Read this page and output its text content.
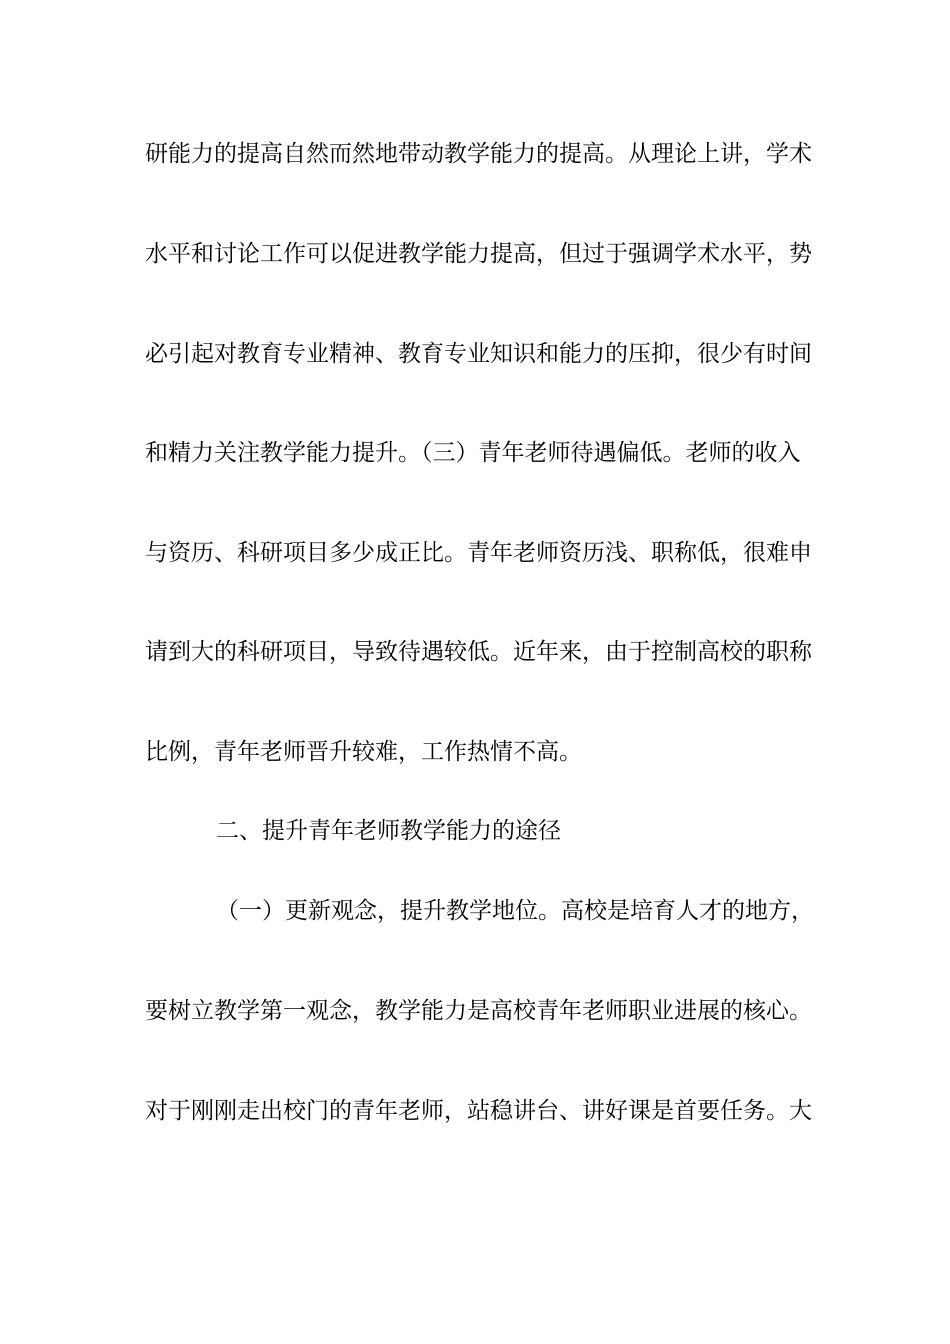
研能力的提高自然而然地带动教学能力的提高。从理论上讲，学术
水平和讨论工作可以促进教学能力提高，但过于强调学术水平，势
必引起对教育专业精神、教育专业知识和能力的压抑，很少有时间
和精力关注教学能力提升。（三）青年老师待遇偏低。老师的收入
与资历、科研项目多少成正比。青年老师资历浅、职称低，很难申
请到大的科研项目，导致待遇较低。近年来，由于控制高校的职称
比例，青年老师晋升较难，工作热情不高。
二、提升青年老师教学能力的途径
（一）更新观念，提升教学地位。高校是培育人才的地方，
要树立教学第一观念，教学能力是高校青年老师职业进展的核心。
对于刚刚走出校门的青年老师，站稳讲台、讲好课是首要任务。大
